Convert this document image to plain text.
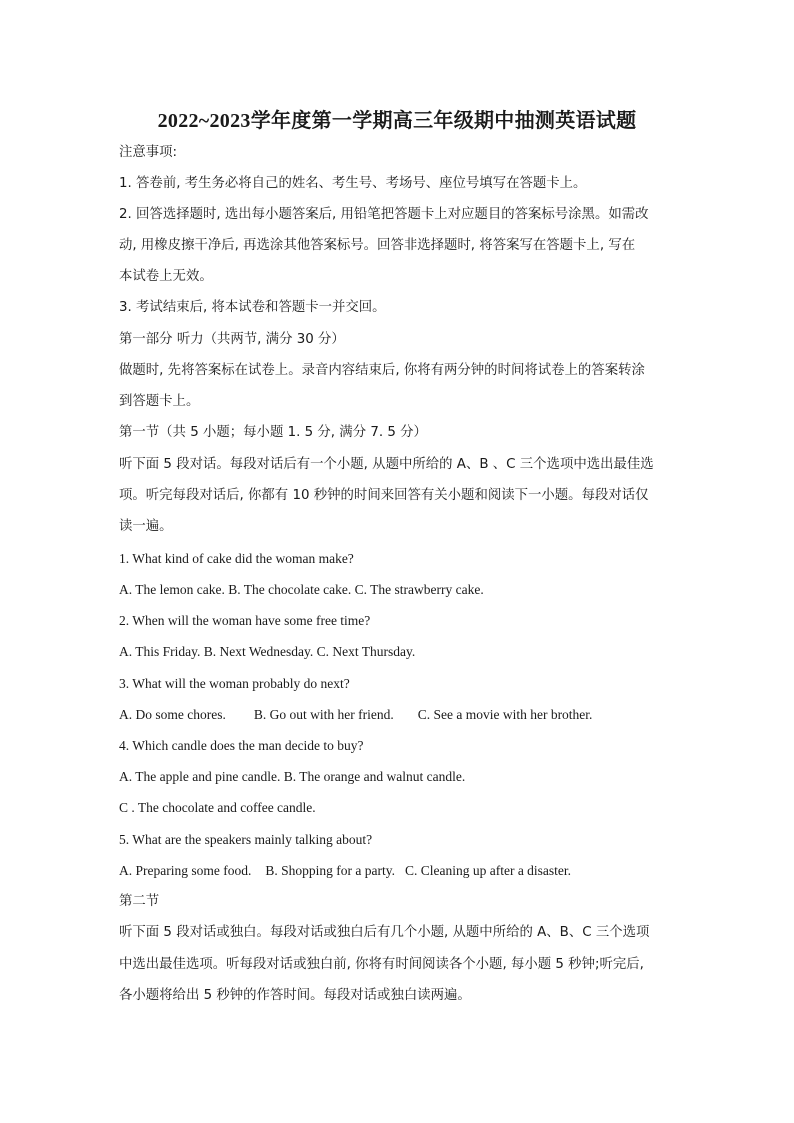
2022~2023学年度第一学期高三年级期中抽测英语试题
注意事项:
1. 答卷前, 考生务必将自己的姓名、考生号、考场号、座位号填写在答题卡上。
2. 回答选择题时, 选出每小题答案后, 用铅笔把答题卡上对应题目的答案标号涂黑。如需改
动, 用橡皮擦干净后, 再选涂其他答案标号。回答非选择题时, 将答案写在答题卡上, 写在
本试卷上无效。
3. 考试结束后, 将本试卷和答题卡一并交回。
第一部分 听力（共两节, 满分 30 分）
做题时, 先将答案标在试卷上。录音内容结束后, 你将有两分钟的时间将试卷上的答案转涂
到答题卡上。
第一节（共 5 小题；每小题 1. 5 分, 满分 7. 5 分）
听下面 5 段对话。每段对话后有一个小题, 从题中所给的 A、B 、C 三个选项中选出最佳选
项。听完每段对话后, 你都有 10 秒钟的时间来回答有关小题和阅读下一小题。每段对话仅
读一遍。
1. What kind of cake did the woman make?
A. The lemon cake. B. The chocolate cake. C. The strawberry cake.
2. When will the woman have some free time?
A. This Friday. B. Next Wednesday. C. Next Thursday.
3. What will the woman probably do next?
A. Do some chores. B. Go out with her friend. C. See a movie with her brother.
4. Which candle does the man decide to buy?
A. The apple and pine candle. B. The orange and walnut candle.
C . The chocolate and coffee candle.
5. What are the speakers mainly talking about?
A. Preparing some food. B. Shopping for a party. C. Cleaning up after a disaster.
第二节
听下面 5 段对话或独白。每段对话或独白后有几个小题, 从题中所给的 A、B、C 三个选项
中选出最佳选项。听每段对话或独白前, 你将有时间阅读各个小题, 每小题 5 秒钟;听完后,
各小题将给出 5 秒钟的作答时间。每段对话或独白读两遍。
